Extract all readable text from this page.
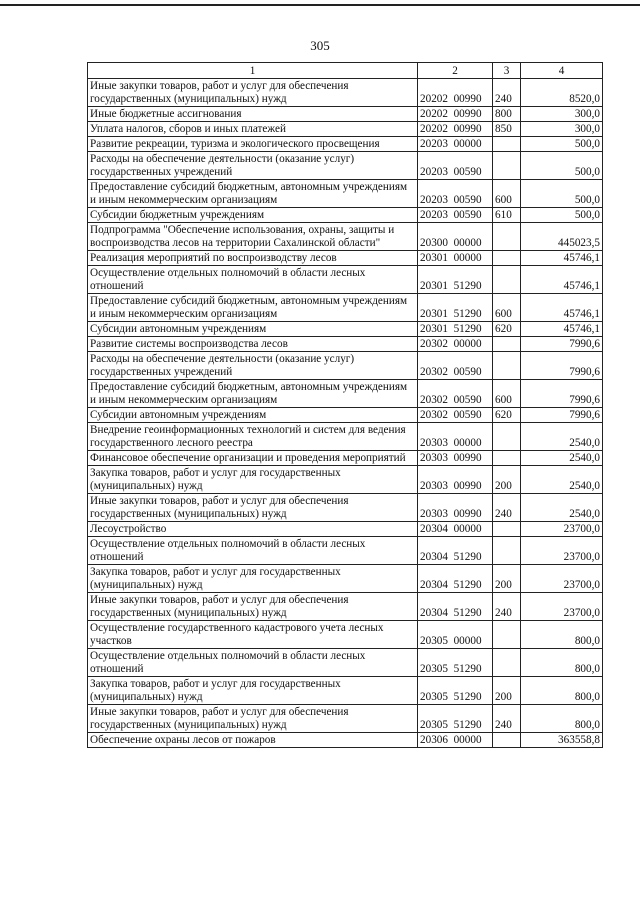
305
1	2	3	4
Иные закупки товаров, работ и услуг для обеспечения государственных (муниципальных) нужд	20202  00990	240	8520,0
Иные бюджетные ассигнования	20202  00990	800	300,0
Уплата налогов, сборов и иных платежей	20202  00990	850	300,0
Развитие рекреации, туризма и экологического просвещения	20203  00000		500,0
Расходы на обеспечение деятельности (оказание услуг) государственных учреждений	20203  00590		500,0
Предоставление субсидий бюджетным, автономным учреждениям и иным некоммерческим организациям	20203  00590	600	500,0
Субсидии бюджетным учреждениям	20203  00590	610	500,0
Подпрограмма "Обеспечение использования, охраны, защиты и воспроизводства лесов на территории Сахалинской области"	20300  00000		445023,5
Реализация мероприятий по воспроизводству лесов	20301  00000		45746,1
Осуществление отдельных полномочий в области лесных отношений	20301  51290		45746,1
Предоставление субсидий бюджетным, автономным учреждениям и иным некоммерческим организациям	20301  51290	600	45746,1
Субсидии автономным учреждениям	20301  51290	620	45746,1
Развитие системы воспроизводства лесов	20302  00000		7990,6
Расходы на обеспечение деятельности (оказание услуг) государственных учреждений	20302  00590		7990,6
Предоставление субсидий бюджетным, автономным учреждениям и иным некоммерческим организациям	20302  00590	600	7990,6
Субсидии автономным учреждениям	20302  00590	620	7990,6
Внедрение геоинформационных технологий и систем для ведения государственного лесного реестра	20303  00000		2540,0
Финансовое обеспечение организации и проведения мероприятий	20303  00990		2540,0
Закупка товаров, работ и услуг для государственных (муниципальных) нужд	20303  00990	200	2540,0
Иные закупки товаров, работ и услуг для обеспечения государственных (муниципальных) нужд	20303  00990	240	2540,0
Лесоустройство	20304  00000		23700,0
Осуществление отдельных полномочий в области лесных отношений	20304  51290		23700,0
Закупка товаров, работ и услуг для государственных (муниципальных) нужд	20304  51290	200	23700,0
Иные закупки товаров, работ и услуг для обеспечения государственных (муниципальных) нужд	20304  51290	240	23700,0
Осуществление государственного кадастрового учета лесных участков	20305  00000		800,0
Осуществление отдельных полномочий в области лесных отношений	20305  51290		800,0
Закупка товаров, работ и услуг для государственных (муниципальных) нужд	20305  51290	200	800,0
Иные закупки товаров, работ и услуг для обеспечения государственных (муниципальных) нужд	20305  51290	240	800,0
Обеспечение охраны лесов от пожаров	20306  00000		363558,8
